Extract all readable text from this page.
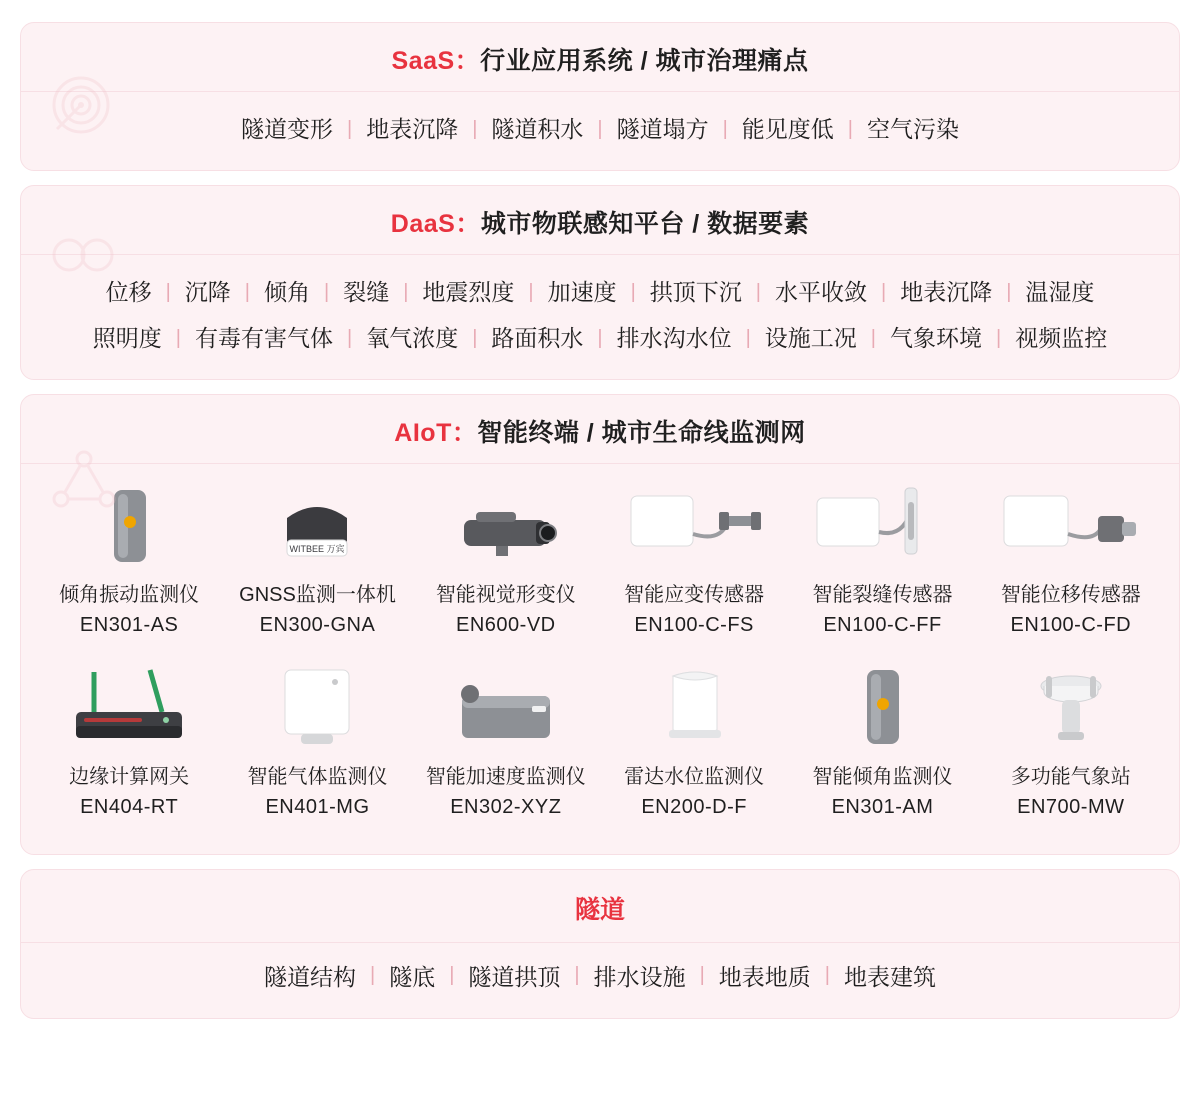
SaaS：行业应用系统 / 城市治理痛点
隧道变形 | 地表沉降 | 隧道积水 | 隧道塌方 | 能见度低 | 空气污染
DaaS：城市物联感知平台 / 数据要素
位移 | 沉降 | 倾角 | 裂缝 | 地震烈度 | 加速度 | 拱顶下沉 | 水平收敛 | 地表沉降 | 温湿度
照明度 | 有毒有害气体 | 氧气浓度 | 路面积水 | 排水沟水位 | 设施工况 | 气象环境 | 视频监控
AIoT：智能终端 / 城市生命线监测网
倾角振动监测仪
EN301-AS
WITBEE 万宾
GNSS监测一体机
EN300-GNA
智能视觉形变仪
EN600-VD
智能应变传感器
EN100-C-FS
智能裂缝传感器
EN100-C-FF
智能位移传感器
EN100-C-FD
边缘计算网关
EN404-RT
智能气体监测仪
EN401-MG
智能加速度监测仪
EN302-XYZ
雷达水位监测仪
EN200-D-F
智能倾角监测仪
EN301-AM
多功能气象站
EN700-MW
隧道
隧道结构 | 隧底 | 隧道拱顶 | 排水设施 | 地表地质 | 地表建筑
